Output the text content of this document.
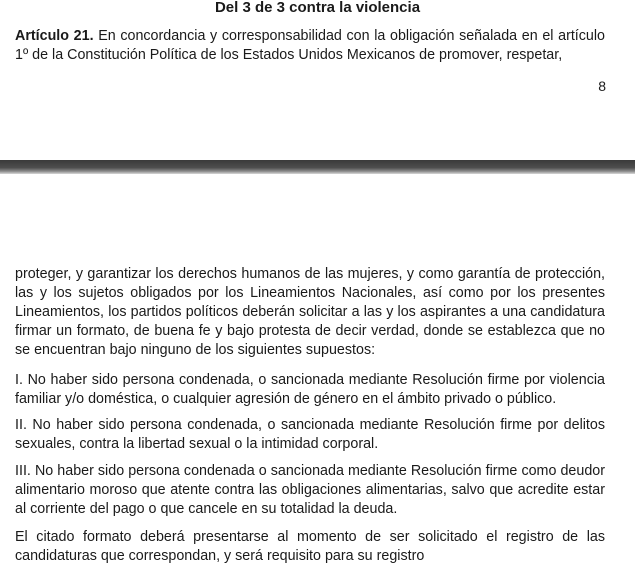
Del 3 de 3 contra la violencia

Artículo 21. En concordancia y corresponsabilidad con la obligación señalada en el artículo 1º de la Constitución Política de los Estados Unidos Mexicanos de promover, respetar,

8

proteger, y garantizar los derechos humanos de las mujeres, y como garantía de protección, las y los sujetos obligados por los Lineamientos Nacionales, así como por los presentes Lineamientos, los partidos políticos deberán solicitar a las y los aspirantes a una candidatura firmar un formato, de buena fe y bajo protesta de decir verdad, donde se establezca que no se encuentran bajo ninguno de los siguientes supuestos:

I. No haber sido persona condenada, o sancionada mediante Resolución firme por violencia familiar y/o doméstica, o cualquier agresión de género en el ámbito privado o público.

II. No haber sido persona condenada, o sancionada mediante Resolución firme por delitos sexuales, contra la libertad sexual o la intimidad corporal.

III. No haber sido persona condenada o sancionada mediante Resolución firme como deudor alimentario moroso que atente contra las obligaciones alimentarias, salvo que acredite estar al corriente del pago o que cancele en su totalidad la deuda.

El citado formato deberá presentarse al momento de ser solicitado el registro de las candidaturas que correspondan, y será requisito para su registro
